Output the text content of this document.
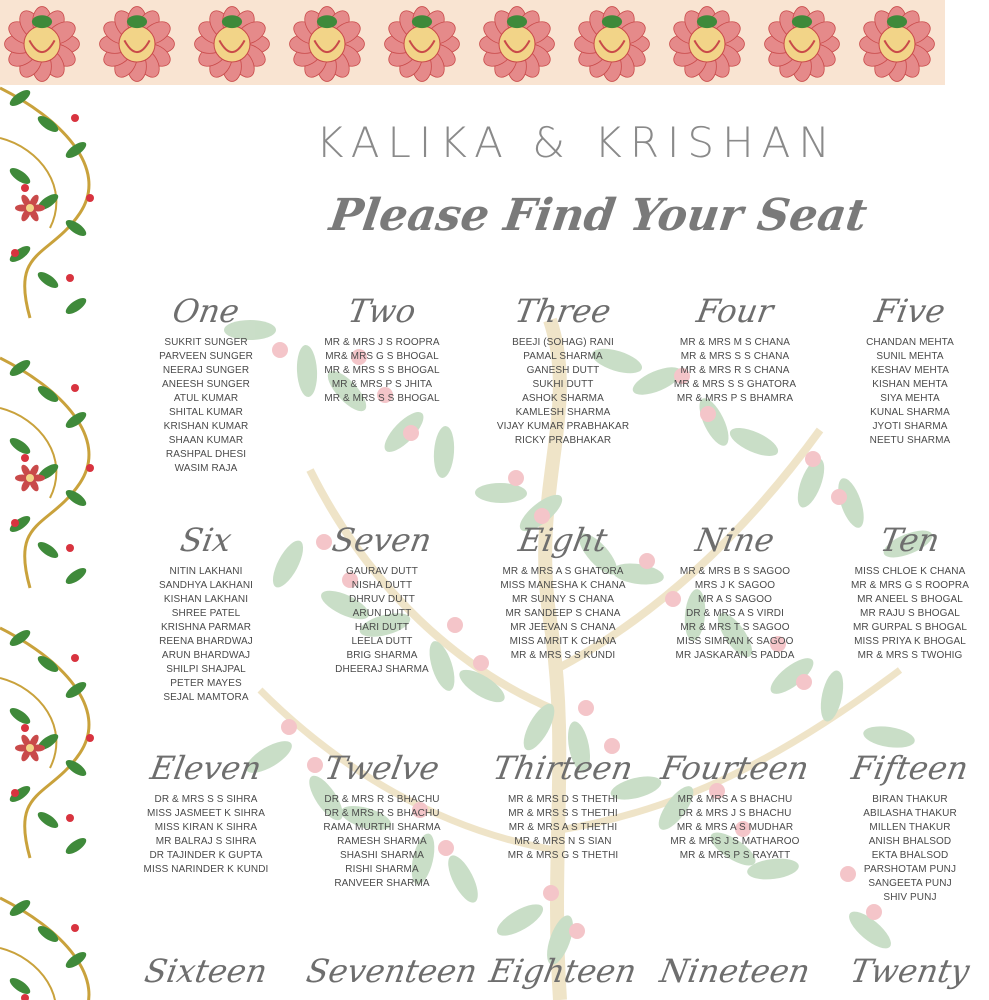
KALIKA & KRISHAN
Please Find Your Seat
One
SUKRIT SUNGER
PARVEEN SUNGER
NEERAJ SUNGER
ANEESH SUNGER
ATUL KUMAR
SHITAL KUMAR
KRISHAN KUMAR
SHAAN KUMAR
RASHPAL DHESI
WASIM RAJA
Two
MR & MRS J S ROOPRA
MR& MRS G S BHOGAL
MR & MRS S S BHOGAL
MR & MRS P S JHITA
MR & MRS S S BHOGAL
Three
BEEJI (SOHAG) RANI
PAMAL SHARMA
GANESH DUTT
SUKHI DUTT
ASHOK SHARMA
KAMLESH SHARMA
VIJAY KUMAR PRABHAKAR
RICKY PRABHAKAR
Four
MR & MRS M S CHANA
MR & MRS S S CHANA
MR & MRS R S CHANA
MR & MRS S S GHATORA
MR & MRS P S BHAMRA
Five
CHANDAN MEHTA
SUNIL MEHTA
KESHAV MEHTA
KISHAN MEHTA
SIYA MEHTA
KUNAL SHARMA
JYOTI SHARMA
NEETU SHARMA
Six
NITIN LAKHANI
SANDHYA LAKHANI
KISHAN LAKHANI
SHREE PATEL
KRISHNA PARMAR
REENA BHARDWAJ
ARUN BHARDWAJ
SHILPI SHAJPAL
PETER MAYES
SEJAL MAMTORA
Seven
GAURAV DUTT
NISHA DUTT
DHRUV DUTT
ARUN DUTT
HARI DUTT
LEELA DUTT
BRIG SHARMA
DHEERAJ SHARMA
Eight
MR & MRS A S GHATORA
MISS MANESHA K CHANA
MR SUNNY S CHANA
MR SANDEEP S CHANA
MR JEEVAN S CHANA
MISS AMRIT K CHANA
MR & MRS S S KUNDI
Nine
MR & MRS B S SAGOO
MRS J K SAGOO
MR A S SAGOO
DR & MRS A S VIRDI
MR & MRS T S SAGOO
MISS SIMRAN K SAGOO
MR JASKARAN S PADDA
Ten
MISS CHLOE K CHANA
MR & MRS G S ROOPRA
MR ANEEL S BHOGAL
MR RAJU S BHOGAL
MR GURPAL S BHOGAL
MISS PRIYA K BHOGAL
MR & MRS S TWOHIG
Eleven
DR & MRS S S SIHRA
MISS JASMEET K SIHRA
MISS KIRAN K SIHRA
MR BALRAJ S SIHRA
DR TAJINDER K GUPTA
MISS NARINDER K KUNDI
Twelve
DR & MRS R S BHACHU
DR & MRS R S BHACHU
RAMA MURTHI SHARMA
RAMESH SHARMA
SHASHI SHARMA
RISHI SHARMA
RANVEER SHARMA
Thirteen
MR & MRS D S THETHI
MR & MRS S S THETHI
MR & MRS A S THETHI
MR & MRS N S SIAN
MR & MRS G S THETHI
Fourteen
MR & MRS A S BHACHU
DR & MRS J S BHACHU
MR & MRS A S MUDHAR
MR & MRS J S MATHAROO
MR & MRS P S RAYATT
Fifteen
BIRAN THAKUR
ABILASHA THAKUR
MILLEN THAKUR
ANISH BHALSOD
EKTA BHALSOD
PARSHOTAM PUNJ
SANGEETA PUNJ
SHIV PUNJ
Sixteen	Seventeen Eighteen Nineteen	Twenty
